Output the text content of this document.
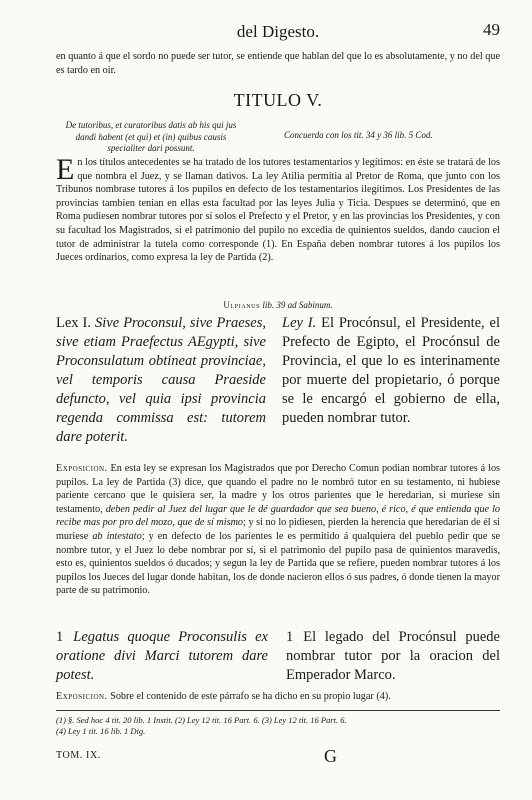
del Digesto.	49

en quanto á que el sordo no puede ser tutor, se entiende que hablan del que lo es absolutamente, y no del que es tardo en oir.

TITULO V.
De tutoribus, et curatoribus datis ab his qui jus dandi habent (et qui) et (in) quibus causis specialiter dari possunt.
Concuerda con los tit. 34 y 36 lib. 5 Cod.

En los títulos antecedentes se ha tratado de los tutores testamentarios y legítimos: en éste se tratará de los que nombra el Juez, y se llaman dativos. La ley Atilia permitia al Pretor de Roma, que junto con los Tribunos nombrase tutores á los pupilos en defecto de los testamentarios ilegítimos. Los Presidentes de las provincias tambien tenian en ellas esta facultad por las leyes Julia y Ticia. Despues se determinó, que en Roma pudiesen nombrar tutores por sí solos el Prefecto y el Pretor, y en las provincias los Presidentes, y con su facultad los Magistrados, si el patrimonio del pupilo no excedia de quinientos sueldos, dando caucion el tutor de administrar la tutela como corresponde (1). En España deben nombrar tutores á los pupilos los Jueces ordinarios, como expresa la ley de Partida (2).

Ulpianus lib. 39 ad Sabinum.
Lex I. Sive Proconsul, sive Praeses, sive etiam Praefectus AEgypti, sive Proconsulatum obtineat provinciae, vel temporis causa Praeside defuncto, vel quia ipsi provincia regenda commissa est: tutorem dare poterit.
Ley I. El Procónsul, el Presidente, el Prefecto de Egipto, el Procónsul de Provincia, el que lo es interinamente por muerte del propietario, ó porque se le encargó el gobierno de ella, pueden nombrar tutor.

Exposicion. En esta ley se expresan los Magistrados que por Derecho Comun podian nombrar tutores á los pupilos. La ley de Partida (3) dice, que quando el padre no le nombró tutor en su testamento, ni hubiese pariente cercano que le quisiera ser, la madre y los otros parientes que le heredarian, si muriese sin testamento, deben pedir al Juez del lugar que le dé guardador que sea bueno, é rico, é que entienda que lo recibe mas por pro del mozo, que de sí mismo; y si no lo pidiesen, pierden la herencia que heredarian de él si muriese ab intestato; y en defecto de los parientes le es permitido á qualquiera del pueblo pedir que se nombre tutor, y el Juez lo debe nombrar por sí, si el patrimonio del pupilo pasa de quinientos maravedís, esto es, quinientos sueldos ó ducados; y segun la ley de Partida que se refiere, pueden nombrar tutores á los pupilos los Jueces del lugar donde habitan, los de donde nacieron ellos ó sus padres, ó donde tienen la mayor parte de su patrimonio.

1 Legatus quoque Proconsulis ex oratione divi Marci tutorem dare potest.
1 El legado del Procónsul puede nombrar tutor por la oracion del Emperador Marco.

Exposicion. Sobre el contenido de este párrafo se ha dicho en su propio lugar (4).

(1) §. Sed hoc 4 tit. 20 lib. 1 Instit. (2) Ley 12 tit. 16 Part. 6. (3) Ley 12 tit. 16 Part. 6.
(4) Ley 1 tit. 16 lib. 1 Dig.
TOM. IX.	G
